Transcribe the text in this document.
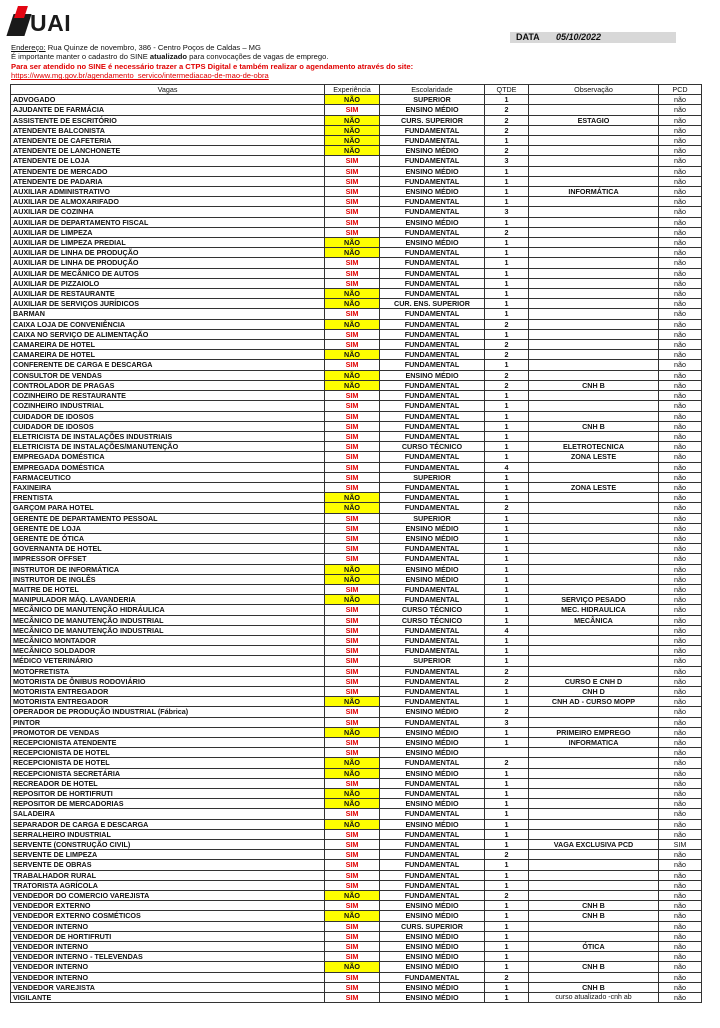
UAI
DATA 05/10/2022
Endereço: Rua Quinze de novembro, 386 - Centro Poços de Caldas – MG
É importante manter o cadastro do SINE atualizado para convocações de vagas de emprego.
Para ser atendido no SINE é necessário trazer a CTPS Digital e também realizar o agendamento através do site:
https://www.mg.gov.br/agendamento_servico/intermediacao-de-mao-de-obra
Vagas	Experiência	Escolaridade	QTDE	Observação	PCD
ADVOGADO	NÃO	SUPERIOR	1		não
AJUDANTE DE FARMÁCIA	SIM	ENSINO MÉDIO	2		não
ASSISTENTE DE ESCRITÓRIO	NÃO	CURS. SUPERIOR	2	ESTAGIO	não
ATENDENTE BALCONISTA	NÃO	FUNDAMENTAL	2		não
ATENDENTE DE CAFETERIA	NÃO	FUNDAMENTAL	1		não
ATENDENTE DE LANCHONETE	NÃO	ENSINO MÉDIO	2		não
ATENDENTE DE LOJA	SIM	FUNDAMENTAL	3		não
ATENDENTE DE MERCADO	SIM	ENSINO MÉDIO	1		não
ATENDENTE DE PADARIA	SIM	FUNDAMENTAL	1		não
AUXILIAR ADMINISTRATIVO	SIM	ENSINO MÉDIO	1	INFORMÁTICA	não
AUXILIAR DE ALMOXARIFADO	SIM	FUNDAMENTAL	1		não
AUXILIAR DE COZINHA	SIM	FUNDAMENTAL	3		não
AUXILIAR DE DEPARTAMENTO FISCAL	SIM	ENSINO MÉDIO	1		não
AUXILIAR DE LIMPEZA	SIM	FUNDAMENTAL	2		não
AUXILIAR DE LIMPEZA PREDIAL	NÃO	ENSINO MÉDIO	1		não
AUXILIAR DE LINHA DE PRODUÇÃO	NÃO	FUNDAMENTAL	1		não
AUXILIAR DE LINHA DE PRODUÇÃO	SIM	FUNDAMENTAL	1		não
AUXILIAR DE MECÂNICO DE AUTOS	SIM	FUNDAMENTAL	1		não
AUXILIAR DE PIZZAIOLO	SIM	FUNDAMENTAL	1		não
AUXILIAR DE RESTAURANTE	NÃO	FUNDAMENTAL	1		não
AUXILIAR DE SERVIÇOS JURÍDICOS	NÃO	CUR. ENS. SUPERIOR	1		não
BARMAN	SIM	FUNDAMENTAL	1		não
CAIXA LOJA DE CONVENIÊNCIA	NÃO	FUNDAMENTAL	2		não
CAIXA NO SERVIÇO DE ALIMENTAÇÃO	SIM	FUNDAMENTAL	1		não
CAMAREIRA DE HOTEL	SIM	FUNDAMENTAL	2		não
CAMAREIRA DE HOTEL	NÃO	FUNDAMENTAL	2		não
CONFERENTE DE CARGA E DESCARGA	SIM	FUNDAMENTAL	1		não
CONSULTOR DE VENDAS	NÃO	ENSINO MÉDIO	2		não
CONTROLADOR DE PRAGAS	NÃO	FUNDAMENTAL	2	CNH B	não
COZINHEIRO DE RESTAURANTE	SIM	FUNDAMENTAL	1		não
COZINHEIRO INDUSTRIAL	SIM	FUNDAMENTAL	1		não
CUIDADOR DE IDOSOS	SIM	FUNDAMENTAL	1		não
CUIDADOR DE IDOSOS	SIM	FUNDAMENTAL	1	CNH B	não
ELETRICISTA DE INSTALAÇÕES INDUSTRIAIS	SIM	FUNDAMENTAL	1		não
ELETRICISTA DE INSTALAÇÕES/MANUTENÇÃO	SIM	CURSO TÉCNICO	1	ELETROTECNICA	não
EMPREGADA DOMÉSTICA	SIM	FUNDAMENTAL	1	ZONA LESTE	não
EMPREGADA DOMÉSTICA	SIM	FUNDAMENTAL	4		não
FARMACEUTICO	SIM	SUPERIOR	1		não
FAXINEIRA	SIM	FUNDAMENTAL	1	ZONA LESTE	não
FRENTISTA	NÃO	FUNDAMENTAL	1		não
GARÇOM PARA HOTEL	NÃO	FUNDAMENTAL	2		não
GERENTE DE DEPARTAMENTO PESSOAL	SIM	SUPERIOR	1		não
GERENTE DE LOJA	SIM	ENSINO MÉDIO	1		não
GERENTE DE ÓTICA	SIM	ENSINO MÉDIO	1		não
GOVERNANTA DE HOTEL	SIM	FUNDAMENTAL	1		não
IMPRESSOR OFFSET	SIM	FUNDAMENTAL	1		não
INSTRUTOR DE INFORMÁTICA	NÃO	ENSINO MÉDIO	1		não
INSTRUTOR DE INGLÊS	NÃO	ENSINO MÉDIO	1		não
MAITRE DE HOTEL	SIM	FUNDAMENTAL	1		não
MANIPULADOR MÁQ. LAVANDERIA	NÃO	FUNDAMENTAL	1	SERVIÇO PESADO	não
MECÂNICO DE MANUTENÇÃO HIDRÁULICA	SIM	CURSO TÉCNICO	1	MEC. HIDRAULICA	não
MECÂNICO DE MANUTENÇÃO INDUSTRIAL	SIM	CURSO TÉCNICO	1	MECÂNICA	não
MECÂNICO DE MANUTENÇÃO INDUSTRIAL	SIM	FUNDAMENTAL	4		não
MECÂNICO MONTADOR	SIM	FUNDAMENTAL	1		não
MECÂNICO SOLDADOR	SIM	FUNDAMENTAL	1		não
MÉDICO VETERINÁRIO	SIM	SUPERIOR	1		não
MOTOFRETISTA	SIM	FUNDAMENTAL	2		não
MOTORISTA DE ÔNIBUS RODOVIÁRIO	SIM	FUNDAMENTAL	2	CURSO E CNH D	não
MOTORISTA ENTREGADOR	SIM	FUNDAMENTAL	1	CNH D	não
MOTORISTA ENTREGADOR	NÃO	FUNDAMENTAL	1	CNH AD - CURSO MOPP	não
OPERADOR DE PRODUÇÃO INDUSTRIAL (Fábrica)	SIM	ENSINO MÉDIO	2		não
PINTOR	SIM	FUNDAMENTAL	3		não
PROMOTOR DE VENDAS	NÃO	ENSINO MÉDIO	1	PRIMEIRO EMPREGO	não
RECEPCIONISTA ATENDENTE	SIM	ENSINO MÉDIO	1	INFORMATICA	não
RECEPCIONISTA DE HOTEL	SIM	ENSINO MÉDIO			não
RECEPCIONISTA DE HOTEL	NÃO	FUNDAMENTAL	2		não
RECEPCIONISTA SECRETÁRIA	NÃO	ENSINO MÉDIO	1		não
RECREADOR DE HOTEL	SIM	FUNDAMENTAL	1		não
REPOSITOR DE HORTIFRUTI	NÃO	FUNDAMENTAL	1		não
REPOSITOR DE MERCADORIAS	NÃO	ENSINO MÉDIO	1		não
SALADEIRA	SIM	FUNDAMENTAL	1		não
SEPARADOR DE CARGA E DESCARGA	NÃO	ENSINO MÉDIO	1		não
SERRALHEIRO INDUSTRIAL	SIM	FUNDAMENTAL	1		não
SERVENTE (CONSTRUÇÃO CIVIL)	SIM	FUNDAMENTAL	1	VAGA EXCLUSIVA PCD	SIM
SERVENTE DE LIMPEZA	SIM	FUNDAMENTAL	2		não
SERVENTE DE OBRAS	SIM	FUNDAMENTAL	1		não
TRABALHADOR RURAL	SIM	FUNDAMENTAL	1		não
TRATORISTA AGRÍCOLA	SIM	FUNDAMENTAL	1		não
VENDEDOR DO COMERCIO VAREJISTA	NÃO	FUNDAMENTAL	2		não
VENDEDOR EXTERNO	SIM	ENSINO MÉDIO	1	CNH B	não
VENDEDOR EXTERNO COSMÉTICOS	NÃO	ENSINO MÉDIO	1	CNH B	não
VENDEDOR INTERNO	SIM	CURS. SUPERIOR	1		não
VENDEDOR DE HORTIFRUTI	SIM	ENSINO MÉDIO	1		não
VENDEDOR INTERNO	SIM	ENSINO MÉDIO	1	ÓTICA	não
VENDEDOR INTERNO - TELEVENDAS	SIM	ENSINO MÉDIO	1		não
VENDEDOR INTERNO	NÃO	ENSINO MÉDIO	1	CNH B	não
VENDEDOR INTERNO	SIM	FUNDAMENTAL	2		não
VENDEDOR VAREJISTA	SIM	ENSINO MÉDIO	1	CNH B	não
VIGILANTE	SIM	ENSINO MÉDIO	1	curso atualizado -cnh ab	não
